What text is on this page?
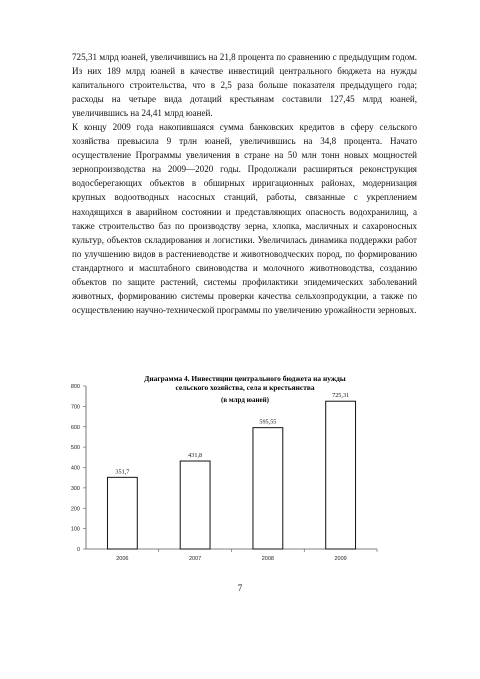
725,31 млрд юаней, увеличившись на 21,8 процента по сравнению с предыдущим годом. Из них 189 млрд юаней в качестве инвестиций центрального бюджета на нужды капитального строительства, что в 2,5 раза больше показателя предыдущего года; расходы на четыре вида дотаций крестьянам составили 127,45 млрд юаней, увеличившись на 24,41 млрд юаней.

К концу 2009 года накопившаяся сумма банковских кредитов в сферу сельского хозяйства превысила 9 трлн юаней, увеличившись на 34,8 процента. Начато осуществление Программы увеличения в стране на 50 млн тонн новых мощностей зернопроизводства на 2009—2020 годы. Продолжали расширяться реконструкция водосберегающих объектов в обширных ирригационных районах, модернизация крупных водоотводных насосных станций, работы, связанные с укреплением находящихся в аварийном состоянии и представляющих опасность водохранилищ, а также строительство баз по производству зерна, хлопка, масличных и сахароносных культур, объектов складирования и логистики. Увеличилась динамика поддержки работ по улучшению видов в растениеводстве и животноводческих пород, по формированию стандартного и масштабного свиноводства и молочного животноводства, созданию объектов по защите растений, системы профилактики эпидемических заболеваний животных, формированию системы проверки качества сельхозпродукции, а также по осуществлению научно-технической программы по увеличению урожайности зерновых.

Диаграмма 4. Инвестиции центрального бюджета на нужды
сельского хозяйства, села и крестьянства
(в млрд юаней)
0
100
200
300
400
500
600
700
800
2006	2007	2008	2009
351,7
431,8
595,55
725,31
7
